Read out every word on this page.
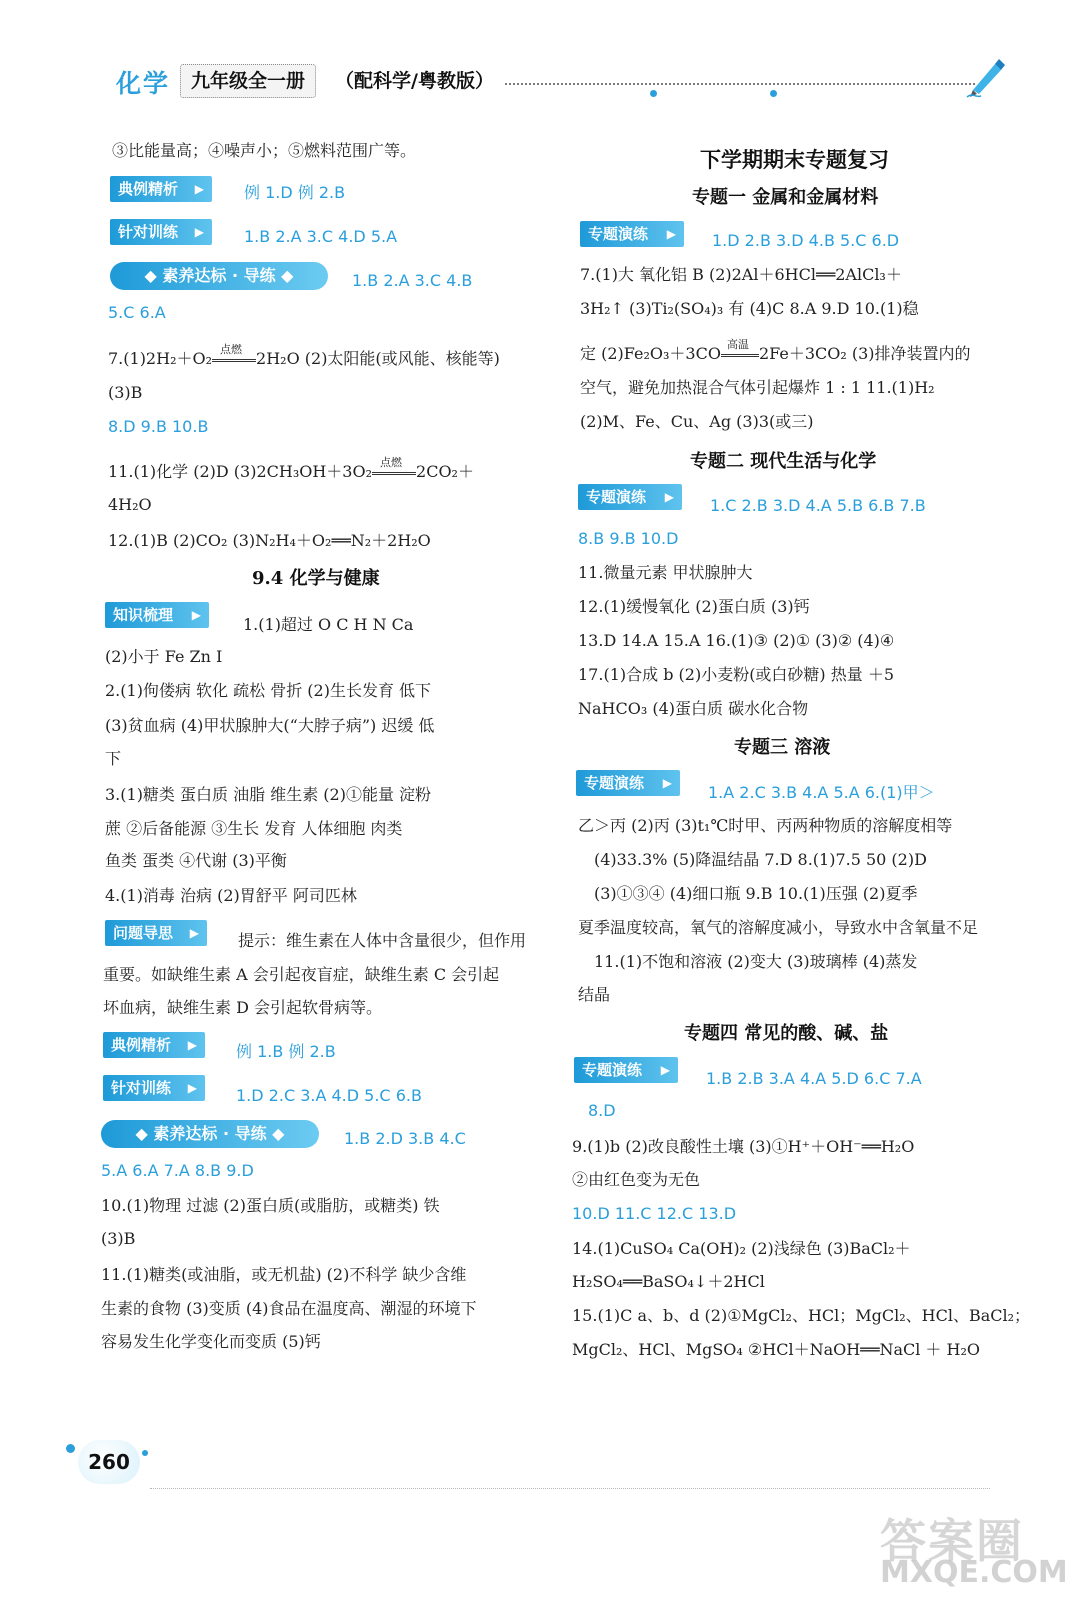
化学	九年级全一册	（配科学/粤教版）
③比能量高；④噪声小；⑤燃料范围广等。
典例精析 ▶	例 1.D 例 2.B
针对训练 ▶	1.B 2.A 3.C 4.D 5.A
◆ 素养达标 · 导练 ◆	1.B 2.A 3.C 4.B
5.C 6.A
7.(1)2H₂＋O₂ 点燃 2H₂O (2)太阳能(或风能、核能等)
(3)B
8.D 9.B 10.B
11.(1)化学 (2)D (3)2CH₃OH＋3O₂ 点燃 2CO₂＋
4H₂O
12.(1)B (2)CO₂ (3)N₂H₄＋O₂══N₂＋2H₂O
9.4 化学与健康
知识梳理 ▶	1.(1)超过 O C H N Ca
(2)小于 Fe Zn I
2.(1)佝偻病 软化 疏松 骨折 (2)生长发育 低下
(3)贫血病 (4)甲状腺肿大(“大脖子病”) 迟缓 低
下
3.(1)糖类 蛋白质 油脂 维生素 (2)①能量 淀粉
蔗 ②后备能源 ③生长 发育 人体细胞 肉类
鱼类 蛋类 ④代谢 (3)平衡
4.(1)消毒 治病 (2)胃舒平 阿司匹林
问题导思 ▶ 提示：维生素在人体中含量很少，但作用
重要。如缺维生素 A 会引起夜盲症，缺维生素 C 会引起
坏血病，缺维生素 D 会引起软骨病等。
典例精析 ▶ 例 1.B 例 2.B
针对训练 ▶ 1.D 2.C 3.A 4.D 5.C 6.B
◆ 素养达标 · 导练 ◆	1.B 2.D 3.B 4.C
5.A 6.A 7.A 8.B 9.D
10.(1)物理 过滤 (2)蛋白质(或脂肪，或糖类) 铁
(3)B
11.(1)糖类(或油脂，或无机盐) (2)不科学 缺少含维
生素的食物 (3)变质 (4)食品在温度高、潮湿的环境下
容易发生化学变化而变质 (5)钙
下学期期末专题复习
专题一 金属和金属材料
专题演练 ▶ 1.D 2.B 3.D 4.B 5.C 6.D
7.(1)大 氧化铝 B (2)2Al＋6HCl══2AlCl₃＋
3H₂↑ (3)Ti₂(SO₄)₃ 有 (4)C 8.A 9.D 10.(1)稳
定 (2)Fe₂O₃＋3CO 高温 2Fe＋3CO₂ (3)排净装置内的
空气，避免加热混合气体引起爆炸 1 : 1 11.(1)H₂
(2)M、Fe、Cu、Ag (3)3(或三)
专题二 现代生活与化学
专题演练 ▶ 1.C 2.B 3.D 4.A 5.B 6.B 7.B
8.B 9.B 10.D
11.微量元素 甲状腺肿大
12.(1)缓慢氧化 (2)蛋白质 (3)钙
13.D 14.A 15.A 16.(1)③ (2)① (3)② (4)④
17.(1)合成 b (2)小麦粉(或白砂糖) 热量 ＋5
NaHCO₃ (4)蛋白质 碳水化合物
专题三 溶液
专题演练 ▶ 1.A 2.C 3.B 4.A 5.A 6.(1)甲＞
乙＞丙 (2)丙 (3)t₁℃时甲、丙两种物质的溶解度相等
(4)33.3% (5)降温结晶 7.D 8.(1)7.5 50 (2)D
(3)①③④ (4)细口瓶 9.B 10.(1)压强 (2)夏季
夏季温度较高，氧气的溶解度减小，导致水中含氧量不足
11.(1)不饱和溶液 (2)变大 (3)玻璃棒 (4)蒸发
结晶
专题四 常见的酸、碱、盐
专题演练 ▶ 1.B 2.B 3.A 4.A 5.D 6.C 7.A
8.D
9.(1)b (2)改良酸性土壤 (3)①H⁺＋OH⁻══H₂O
②由红色变为无色
10.D 11.C 12.C 13.D
14.(1)CuSO₄ Ca(OH)₂ (2)浅绿色 (3)BaCl₂＋
H₂SO₄══BaSO₄↓＋2HCl
15.(1)C a、b、d (2)①MgCl₂、HCl；MgCl₂、HCl、BaCl₂；
MgCl₂、HCl、MgSO₄ ②HCl＋NaOH══NaCl ＋ H₂O
260
答案圈
MXQE.COM
